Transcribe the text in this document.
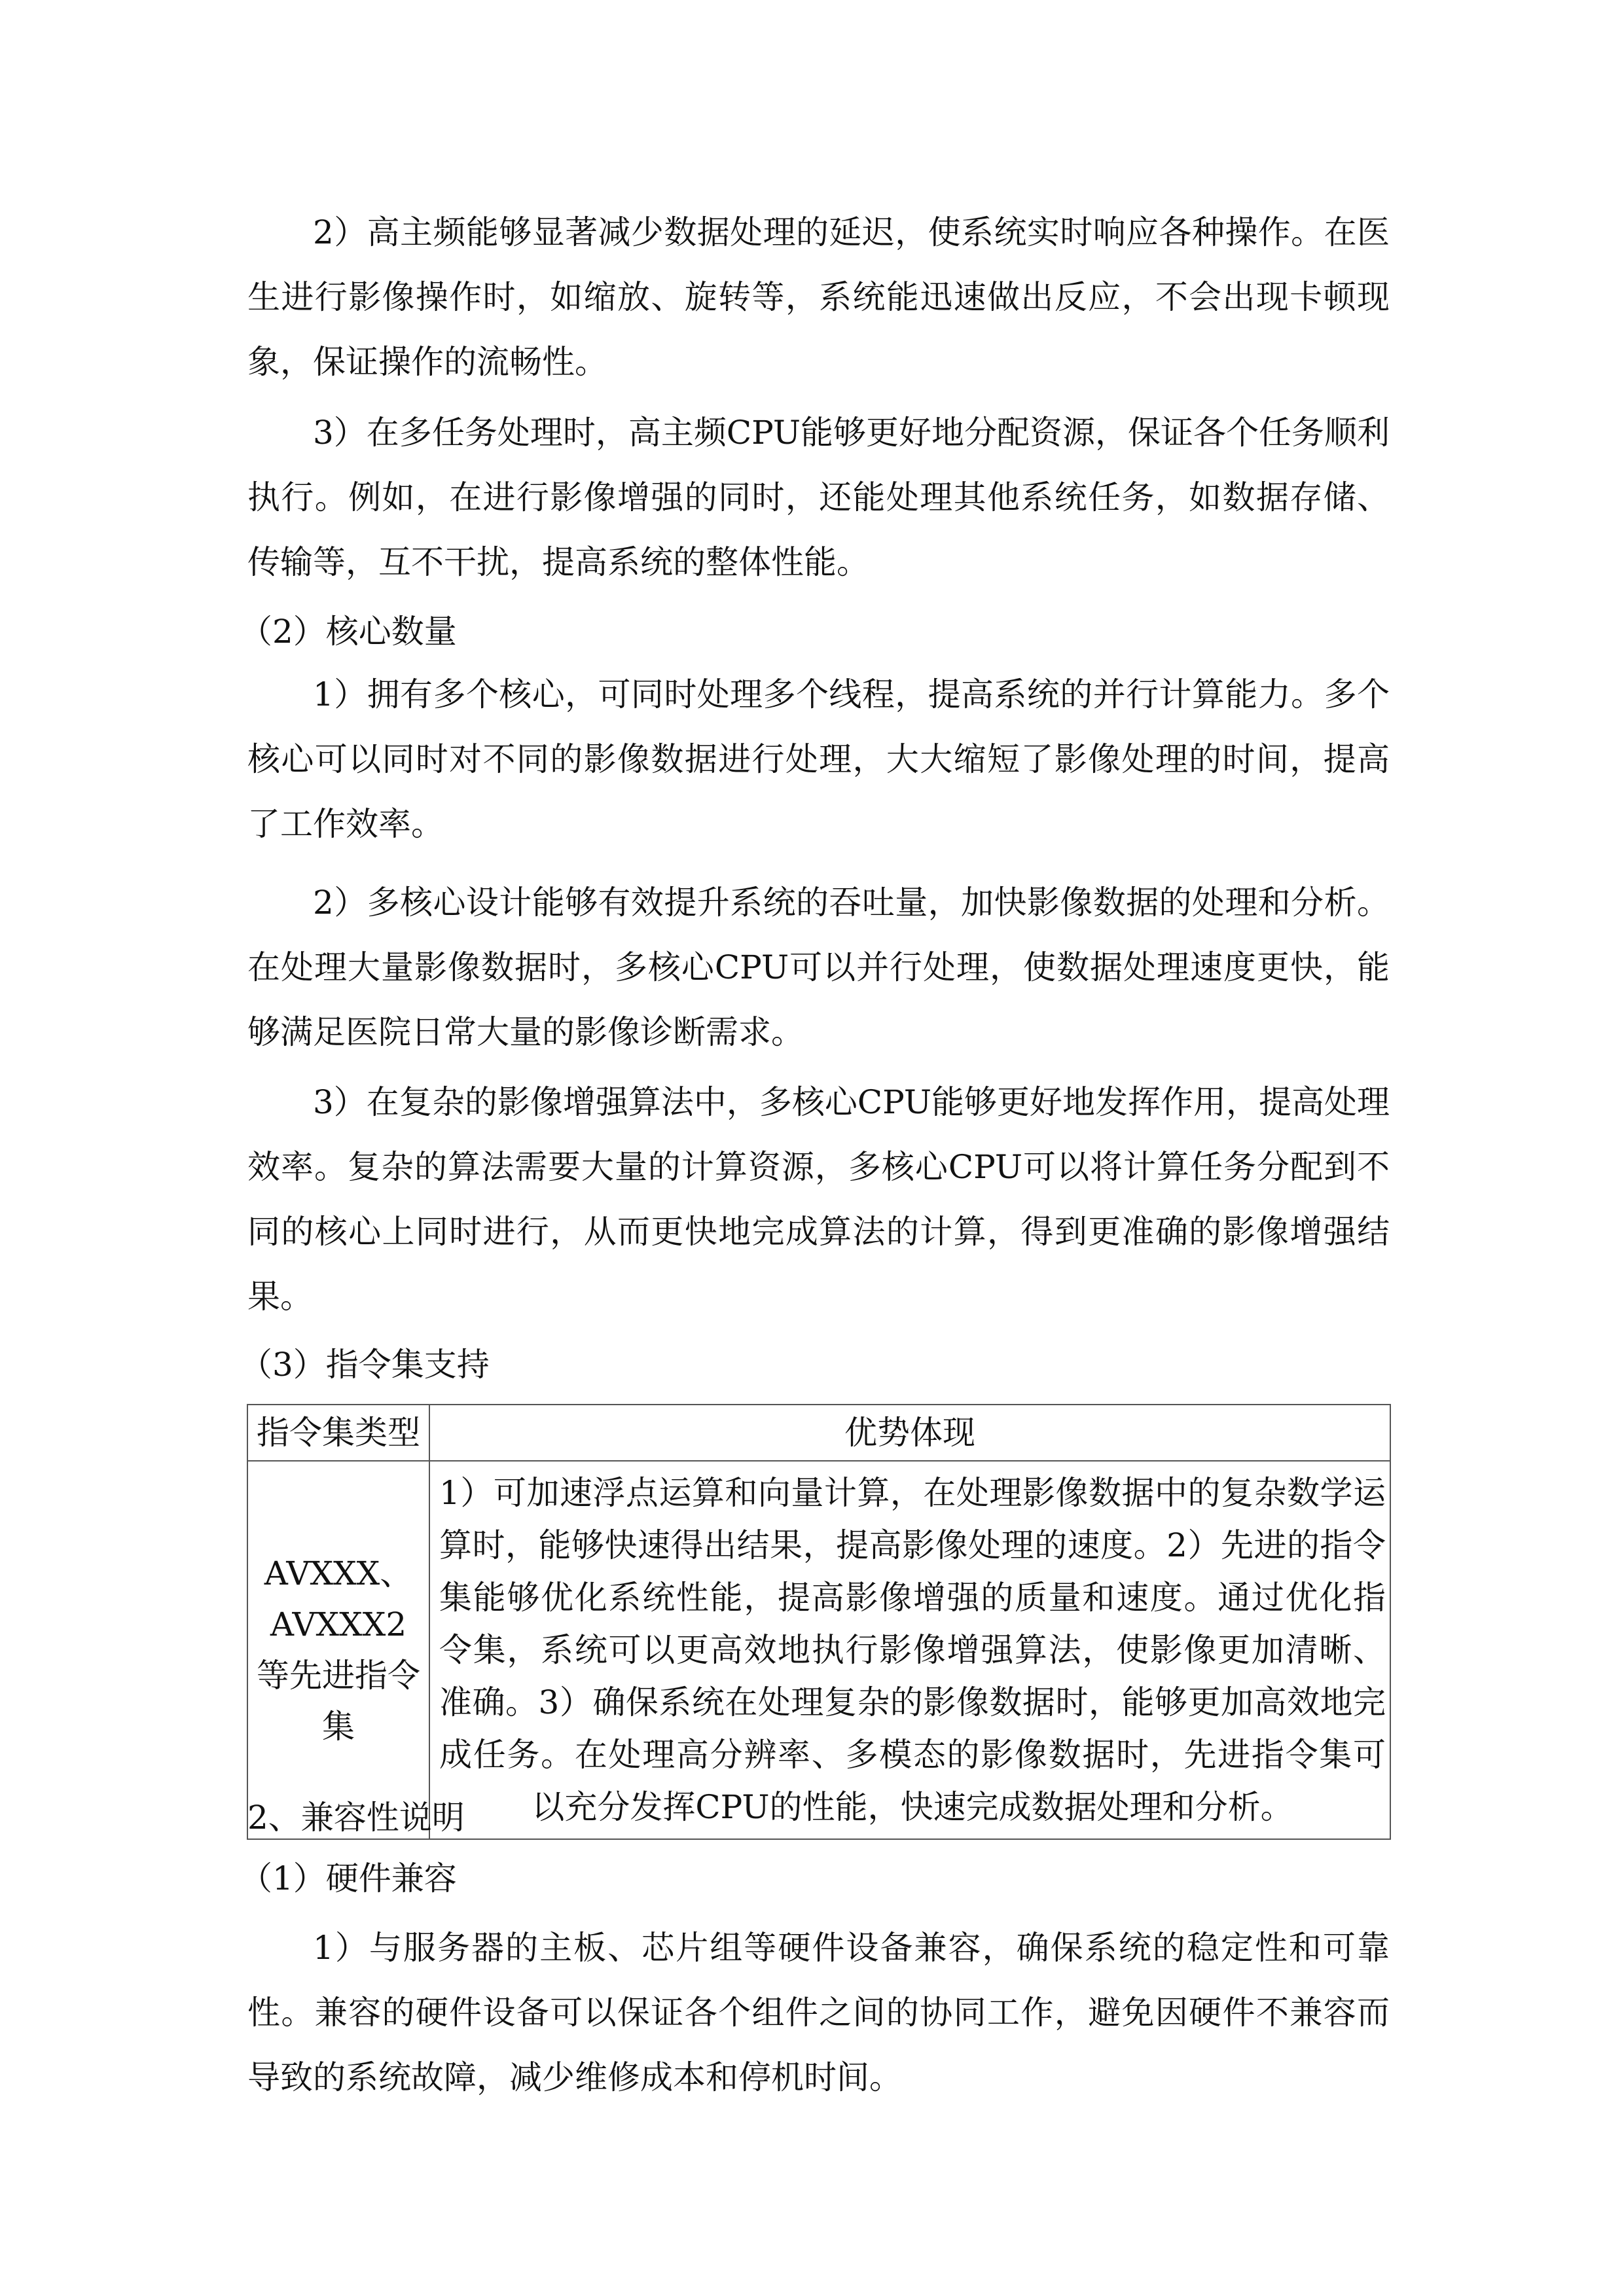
2）高主频能够显著减少数据处理的延迟，使系统实时响应各种操作。在医生进行影像操作时，如缩放、旋转等，系统能迅速做出反应，不会出现卡顿现象，保证操作的流畅性。

3）在多任务处理时，高主频CPU能够更好地分配资源，保证各个任务顺利执行。例如，在进行影像增强的同时，还能处理其他系统任务，如数据存储、传输等，互不干扰，提高系统的整体性能。

（2）核心数量

1）拥有多个核心，可同时处理多个线程，提高系统的并行计算能力。多个核心可以同时对不同的影像数据进行处理，大大缩短了影像处理的时间，提高了工作效率。

2）多核心设计能够有效提升系统的吞吐量，加快影像数据的处理和分析。在处理大量影像数据时，多核心CPU可以并行处理，使数据处理速度更快，能够满足医院日常大量的影像诊断需求。

3）在复杂的影像增强算法中，多核心CPU能够更好地发挥作用，提高处理效率。复杂的算法需要大量的计算资源，多核心CPU可以将计算任务分配到不同的核心上同时进行，从而更快地完成算法的计算，得到更准确的影像增强结果。

（3）指令集支持

指令集类型	优势体现
AVXXX、AVXXX2等先进指令集	1）可加速浮点运算和向量计算，在处理影像数据中的复杂数学运算时，能够快速得出结果，提高影像处理的速度。2）先进的指令集能够优化系统性能，提高影像增强的质量和速度。通过优化指令集，系统可以更高效地执行影像增强算法，使影像更加清晰、准确。3）确保系统在处理复杂的影像数据时，能够更加高效地完成任务。在处理高分辨率、多模态的影像数据时，先进指令集可以充分发挥CPU的性能，快速完成数据处理和分析。

2、兼容性说明

（1）硬件兼容

1）与服务器的主板、芯片组等硬件设备兼容，确保系统的稳定性和可靠性。兼容的硬件设备可以保证各个组件之间的协同工作，避免因硬件不兼容而导致的系统故障，减少维修成本和停机时间。
